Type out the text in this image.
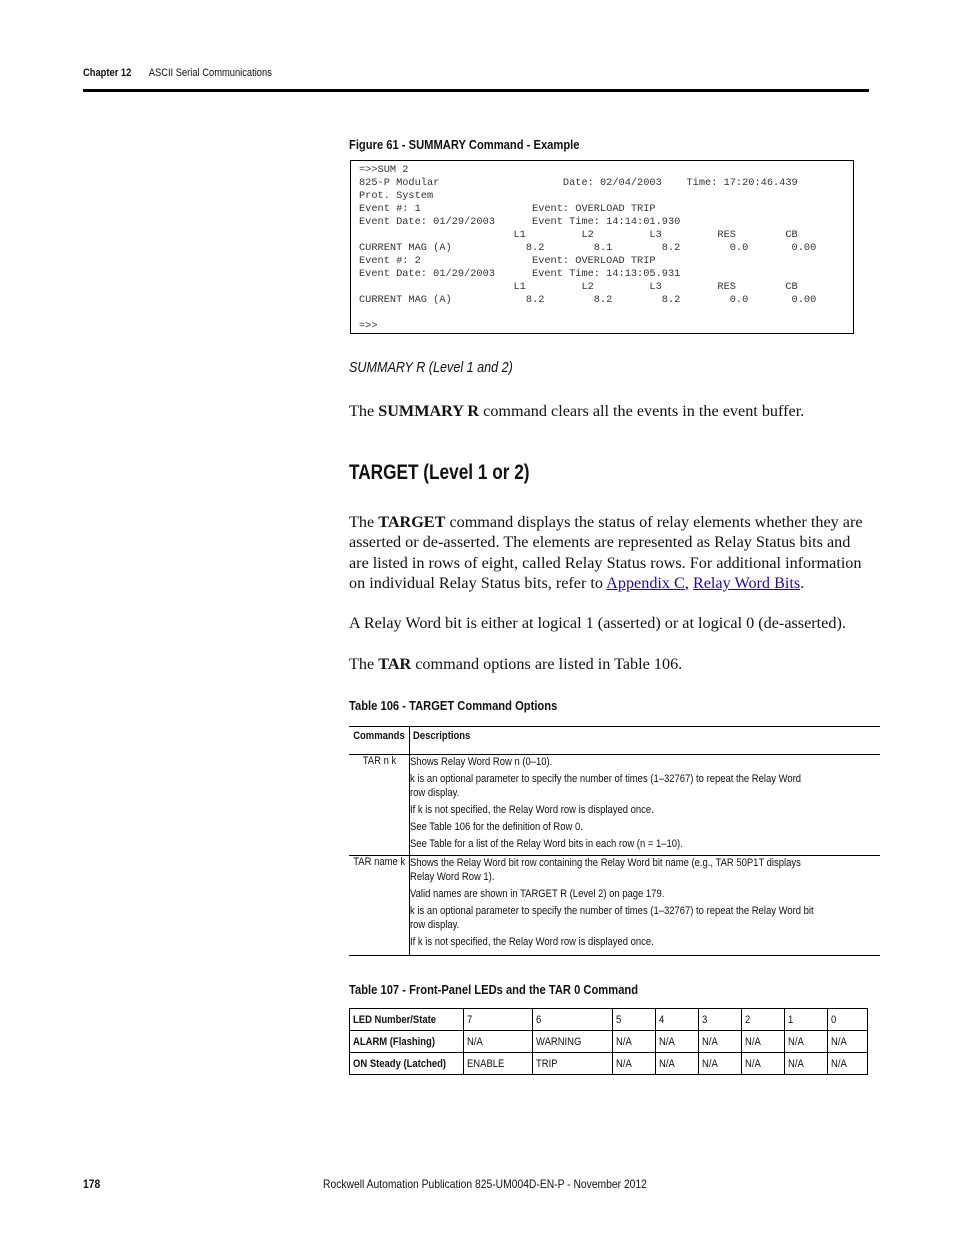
Chapter 12 ASCII Serial Communications
Figure 61 - SUMMARY Command - Example
=>>SUM 2
825-P Modular                    Date: 02/04/2003    Time: 17:20:46.439
Prot. System
Event #: 1                  Event: OVERLOAD TRIP
Event Date: 01/29/2003      Event Time: 14:14:01.930
L1         L2         L3         RES        CB
CURRENT MAG (A)            8.2        8.1        8.2        0.0       0.00
Event #: 2                  Event: OVERLOAD TRIP
Event Date: 01/29/2003      Event Time: 14:13:05.931
L1         L2         L3         RES        CB
CURRENT MAG (A)            8.2        8.2        8.2        0.0       0.00

=>>
SUMMARY R (Level 1 and 2)
The SUMMARY R command clears all the events in the event buffer.
TARGET (Level 1 or 2)
The TARGET command displays the status of relay elements whether they are asserted or de-asserted. The elements are represented as Relay Status bits and are listed in rows of eight, called Relay Status rows. For additional information on individual Relay Status bits, refer to Appendix C, Relay Word Bits.
A Relay Word bit is either at logical 1 (asserted) or at logical 0 (de-asserted).
The TAR command options are listed in Table 106.
Table 106 - TARGET Command Options
Commands	Descriptions
TAR n k	Shows Relay Word Row n (0–10).
k is an optional parameter to specify the number of times (1–32767) to repeat the Relay Word row display.
If k is not specified, the Relay Word row is displayed once.
See Table 106 for the definition of Row 0.
See Table for a list of the Relay Word bits in each row (n = 1–10).

TAR name k	Shows the Relay Word bit row containing the Relay Word bit name (e.g., TAR 50P1T displays Relay Word Row 1).
Valid names are shown in TARGET R (Level 2) on page 179.
k is an optional parameter to specify the number of times (1–32767) to repeat the Relay Word bit row display.
If k is not specified, the Relay Word row is displayed once.
Table 107 - Front-Panel LEDs and the TAR 0 Command
LED Number/State	7	6	5	4	3	2	1	0
ALARM (Flashing)	N/A	WARNING	N/A	N/A	N/A	N/A	N/A	N/A
ON Steady (Latched)	ENABLE	TRIP	N/A	N/A	N/A	N/A	N/A	N/A
178	Rockwell Automation Publication 825-UM004D-EN-P - November 2012
